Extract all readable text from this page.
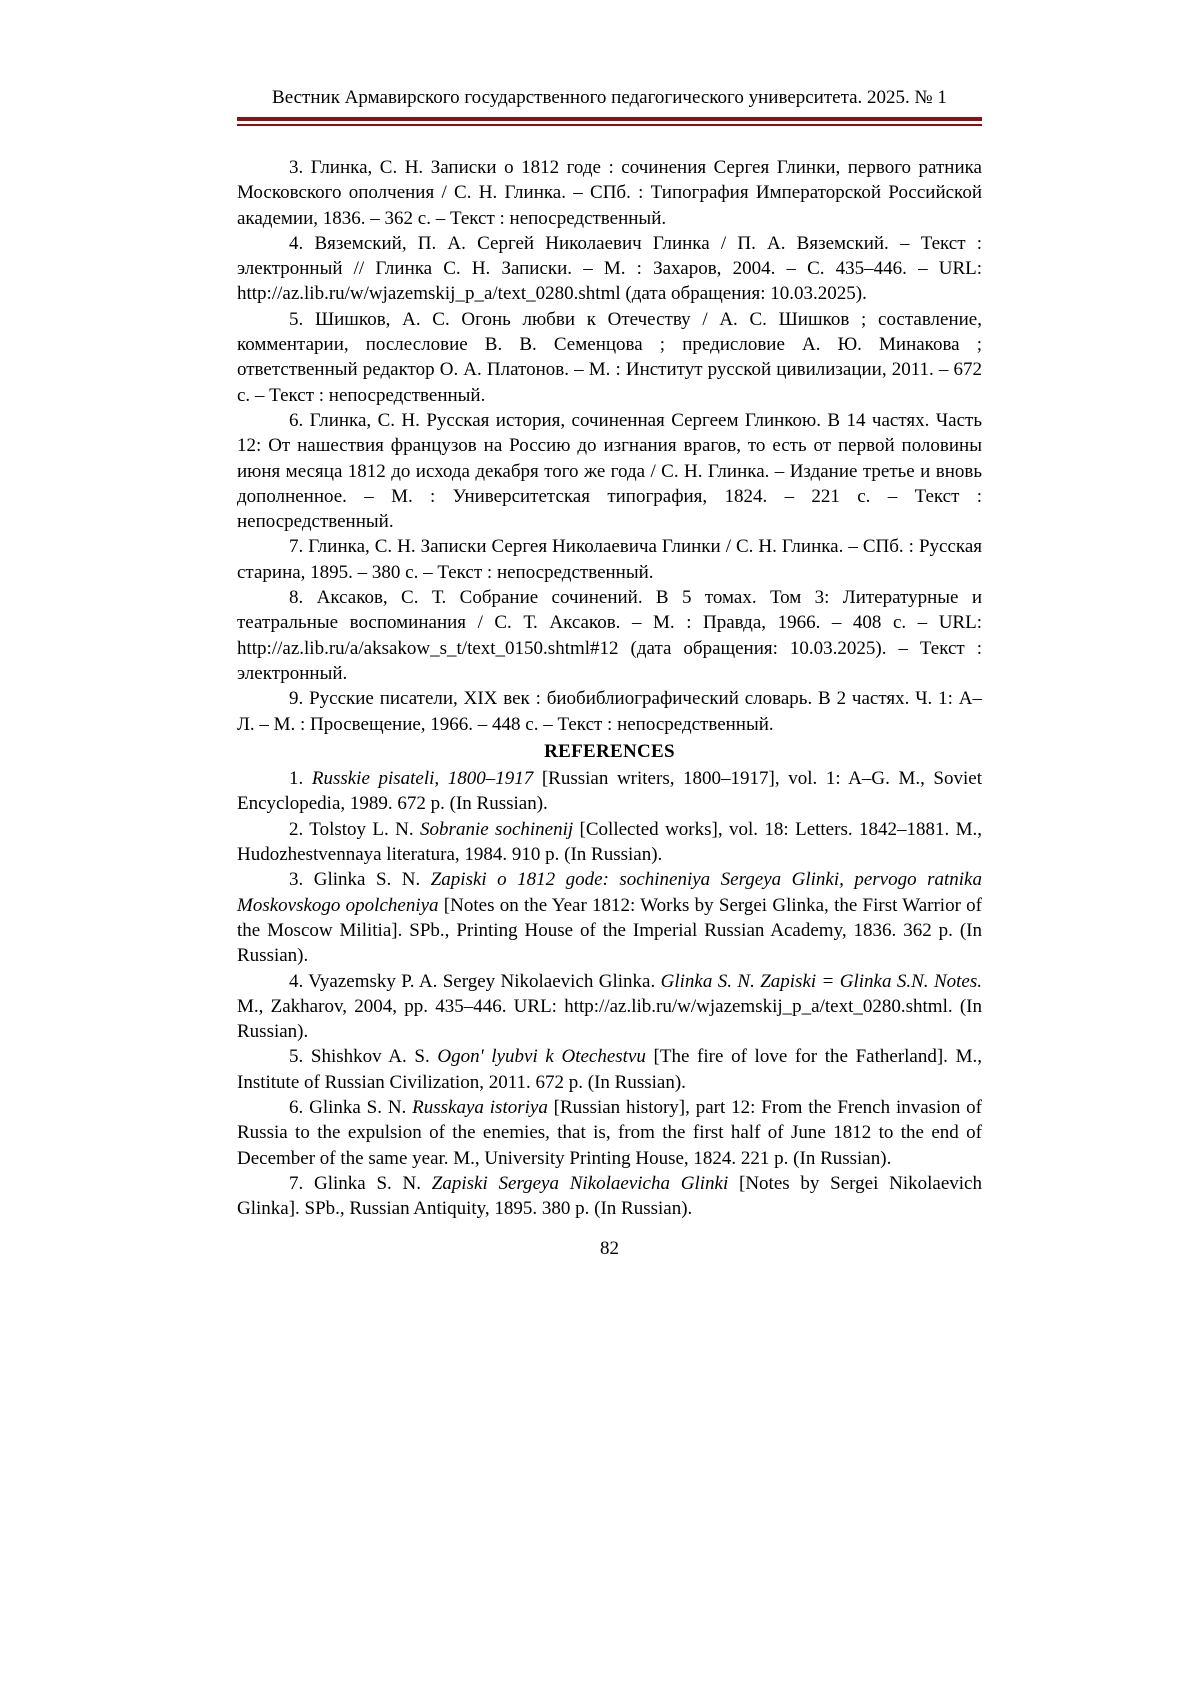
Вестник Армавирского государственного педагогического университета. 2025. № 1

3. Глинка, С. Н. Записки о 1812 годе : сочинения Сергея Глинки, первого ратника Московского ополчения / С. Н. Глинка. – СПб. : Типография Императорской Российской академии, 1836. – 362 с. – Текст : непосредственный.

4. Вяземский, П. А. Сергей Николаевич Глинка / П. А. Вяземский. – Текст : электронный // Глинка С. Н. Записки. – М. : Захаров, 2004. – С. 435–446. – URL: http://az.lib.ru/w/wjazemskij_p_a/text_0280.shtml (дата обращения: 10.03.2025).

5. Шишков, А. С. Огонь любви к Отечеству / А. С. Шишков ; составление, комментарии, послесловие В. В. Семенцова ; предисловие А. Ю. Минакова ; ответственный редактор О. А. Платонов. – М. : Институт русской цивилизации, 2011. – 672 с. – Текст : непосредственный.

6. Глинка, С. Н. Русская история, сочиненная Сергеем Глинкою. В 14 частях. Часть 12: От нашествия французов на Россию до изгнания врагов, то есть от первой половины июня месяца 1812 до исхода декабря того же года / С. Н. Глинка. – Издание третье и вновь дополненное. – М. : Университетская типография, 1824. – 221 с. – Текст : непосредственный.

7. Глинка, С. Н. Записки Сергея Николаевича Глинки / С. Н. Глинка. – СПб. : Русская старина, 1895. – 380 с. – Текст : непосредственный.

8. Аксаков, С. Т. Собрание сочинений. В 5 томах. Том 3: Литературные и театральные воспоминания / С. Т. Аксаков. – М. : Правда, 1966. – 408 с. – URL: http://az.lib.ru/a/aksakow_s_t/text_0150.shtml#12 (дата обращения: 10.03.2025). – Текст : электронный.

9. Русские писатели, XIX век : биобиблиографический словарь. В 2 частях. Ч. 1: А–Л. – М. : Просвещение, 1966. – 448 с. – Текст : непосредственный.

REFERENCES

1. Russkie pisateli, 1800–1917 [Russian writers, 1800–1917], vol. 1: A–G. M., Soviet Encyclopedia, 1989. 672 p. (In Russian).

2. Tolstoy L. N. Sobranie sochinenij [Collected works], vol. 18: Letters. 1842–1881. M., Hudozhestvennaya literatura, 1984. 910 p. (In Russian).

3. Glinka S. N. Zapiski o 1812 gode: sochineniya Sergeya Glinki, pervogo ratnika Moskovskogo opolcheniya [Notes on the Year 1812: Works by Sergei Glinka, the First Warrior of the Moscow Militia]. SPb., Printing House of the Imperial Russian Academy, 1836. 362 p. (In Russian).

4. Vyazemsky P. A. Sergey Nikolaevich Glinka. Glinka S. N. Zapiski = Glinka S.N. Notes. M., Zakharov, 2004, pp. 435–446. URL: http://az.lib.ru/w/wjazemskij_p_a/text_0280.shtml. (In Russian).

5. Shishkov A. S. Ogon' lyubvi k Otechestvu [The fire of love for the Fatherland]. M., Institute of Russian Civilization, 2011. 672 p. (In Russian).

6. Glinka S. N. Russkaya istoriya [Russian history], part 12: From the French invasion of Russia to the expulsion of the enemies, that is, from the first half of June 1812 to the end of December of the same year. M., University Printing House, 1824. 221 p. (In Russian).

7. Glinka S. N. Zapiski Sergeya Nikolaevicha Glinki [Notes by Sergei Nikolaevich Glinka]. SPb., Russian Antiquity, 1895. 380 p. (In Russian).

82
